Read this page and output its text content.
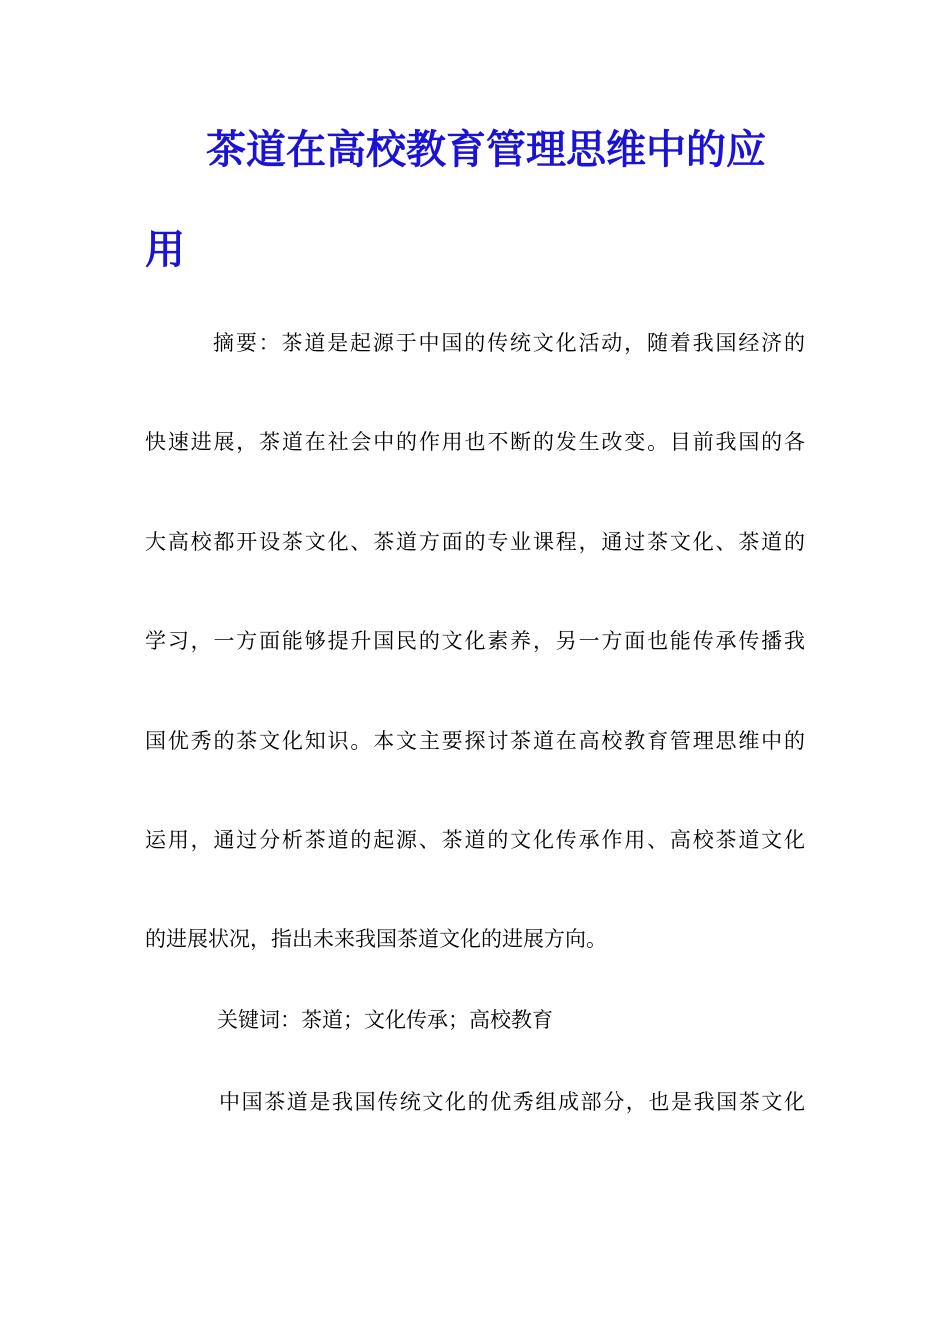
茶道在高校教育管理思维中的应
用
摘要：茶道是起源于中国的传统文化活动，随着我国经济的
快速进展，茶道在社会中的作用也不断的发生改变。目前我国的各
大高校都开设茶文化、茶道方面的专业课程，通过茶文化、茶道的
学习，一方面能够提升国民的文化素养，另一方面也能传承传播我
国优秀的茶文化知识。本文主要探讨茶道在高校教育管理思维中的
运用，通过分析茶道的起源、茶道的文化传承作用、高校茶道文化
的进展状况，指出未来我国茶道文化的进展方向。
关键词：茶道；文化传承；高校教育
中国茶道是我国传统文化的优秀组成部分，也是我国茶文化
